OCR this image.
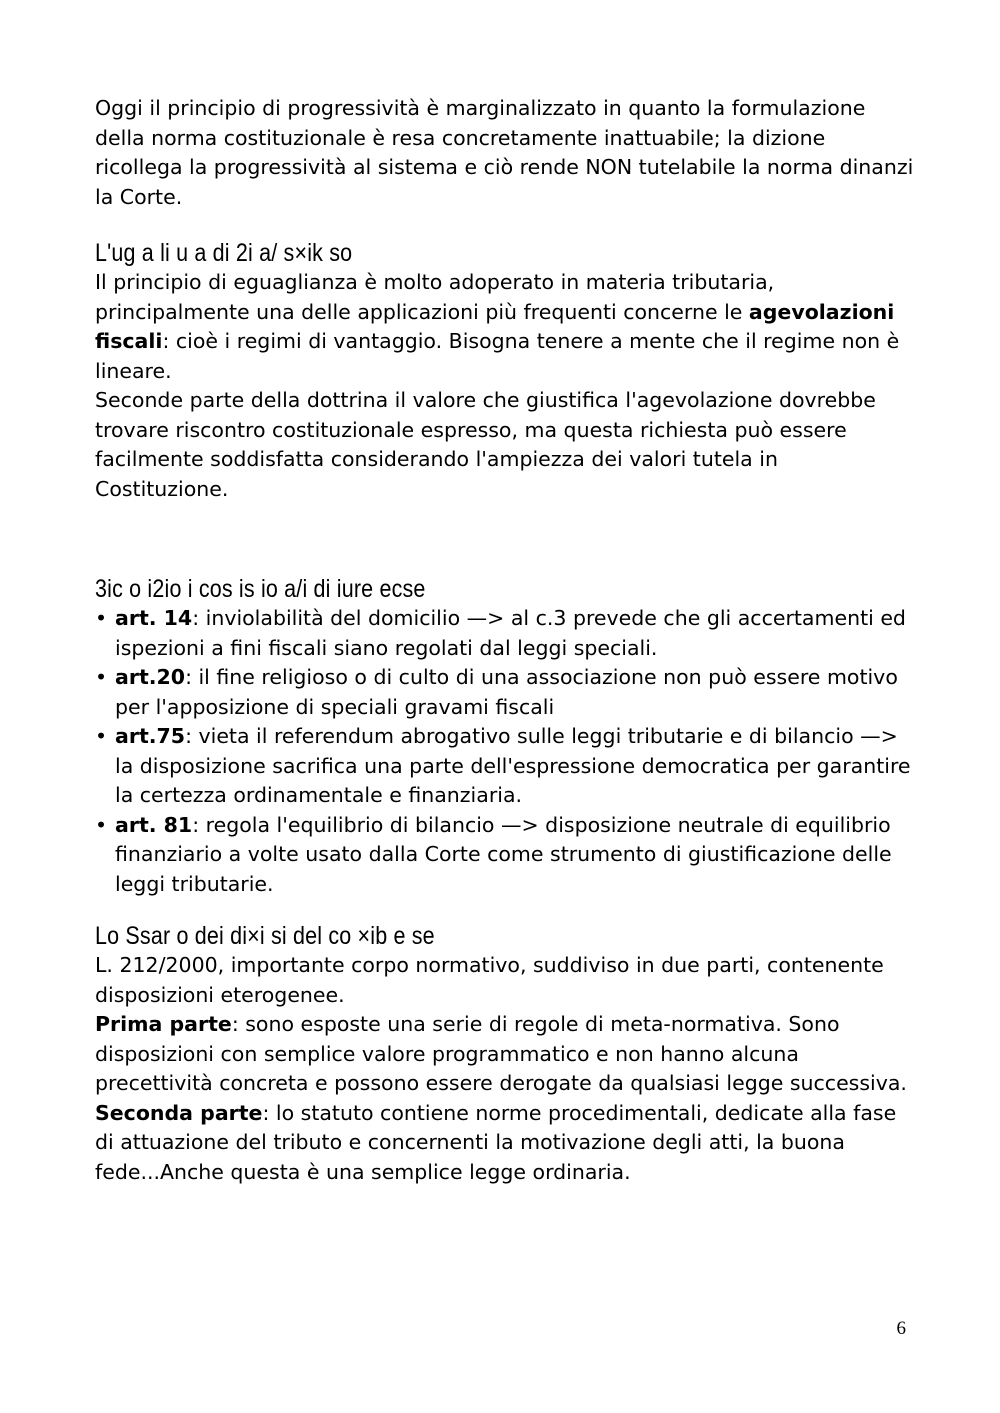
Oggi il principio di progressività è marginalizzato in quanto la formulazione della norma costituzionale è resa concretamente inattuabile; la dizione ricollega la progressività al sistema e ciò rende NON tutelabile la norma dinanzi la Corte.

L'ug a li u a di 2i a/ s×ik so

Il principio di eguaglianza è molto adoperato in materia tributaria, principalmente una delle applicazioni più frequenti concerne le agevolazioni fiscali: cioè i regimi di vantaggio. Bisogna tenere a mente che il regime non è lineare.

Seconde parte della dottrina il valore che giustifica l'agevolazione dovrebbe trovare riscontro costituzionale espresso, ma questa richiesta può essere facilmente soddisfatta considerando l'ampiezza dei valori tutela in Costituzione.

3ic o i2io i cos is io a/i di iure ecse
• art. 14: inviolabilità del domicilio —> al c.3 prevede che gli accertamenti ed ispezioni a fini fiscali siano regolati dal leggi speciali.
• art.20: il fine religioso o di culto di una associazione non può essere motivo per l'apposizione di speciali gravami fiscali
• art.75: vieta il referendum abrogativo sulle leggi tributarie e di bilancio —> la disposizione sacrifica una parte dell'espressione democratica per garantire la certezza ordinamentale e finanziaria.
• art. 81: regola l'equilibrio di bilancio —> disposizione neutrale di equilibrio finanziario a volte usato dalla Corte come strumento di giustificazione delle leggi tributarie.
Lo Ssar o dei di×i si del co ×ib e se

L. 212/2000, importante corpo normativo, suddiviso in due parti, contenente disposizioni eterogenee.

Prima parte: sono esposte una serie di regole di meta-normativa. Sono disposizioni con semplice valore programmatico e non hanno alcuna precettività concreta e possono essere derogate da qualsiasi legge successiva.

Seconda parte: lo statuto contiene norme procedimentali, dedicate alla fase di attuazione del tributo e concernenti la motivazione degli atti, la buona fede...Anche questa è una semplice legge ordinaria.

6
